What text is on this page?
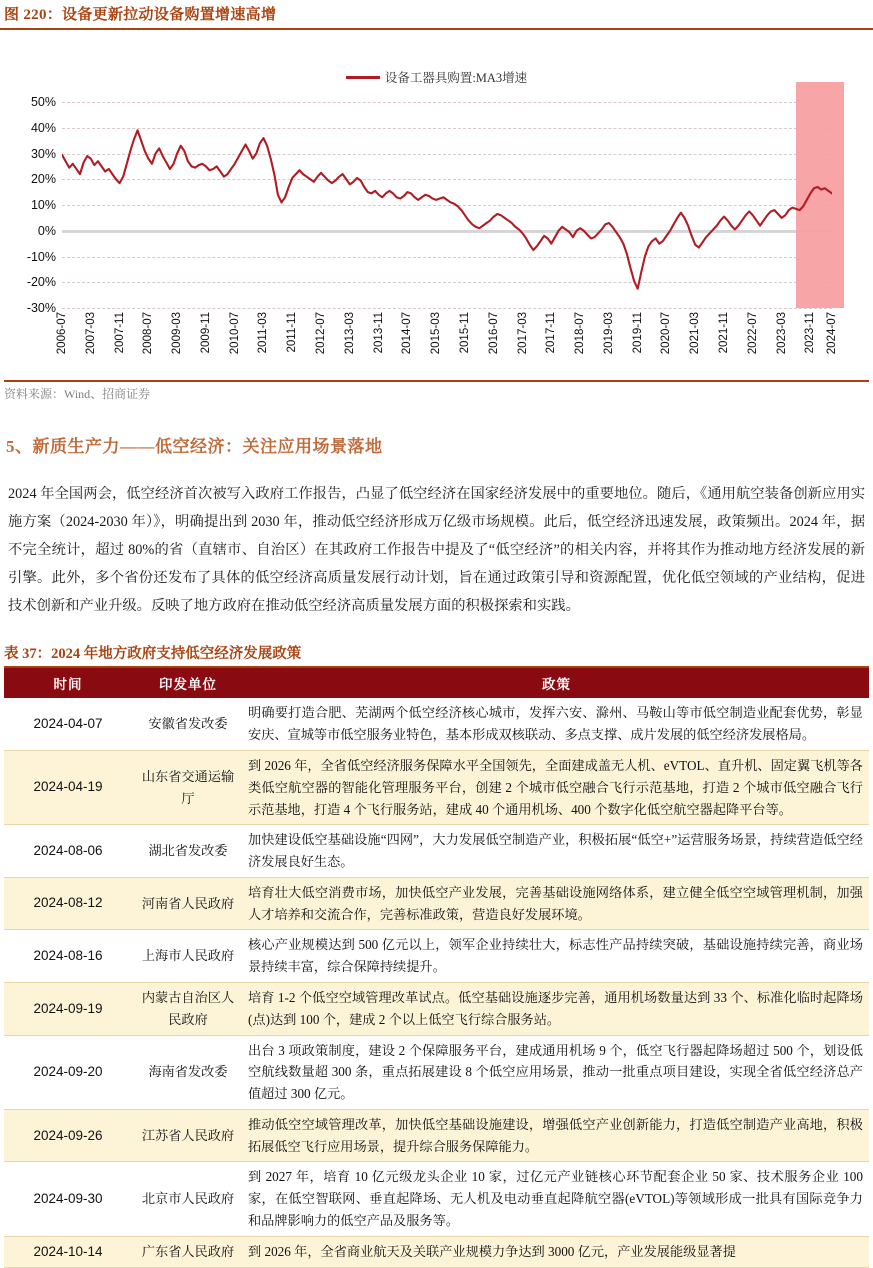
图 220：设备更新拉动设备购置增速高增
设备工器具购置:MA3增速
50%
40%
30%
20%
10%
0%
-10%
-20%
-30%
2006-07 2007-03 2007-11 2008-07 2009-03 2009-11 2010-07 2011-03 2011-11 2012-07 2013-03 2013-11 2014-07 2015-03 2015-11 2016-07 2017-03 2017-11 2018-07 2019-03 2019-11 2020-07 2021-03 2021-11 2022-07 2023-03 2023-11 2024-07
资料来源：Wind、招商证券
5、新质生产力——低空经济：关注应用场景落地
2024 年全国两会，低空经济首次被写入政府工作报告，凸显了低空经济在国家经济发展中的重要地位。随后，《通用航空装备创新应用实施方案（2024-2030 年）》，明确提出到 2030 年，推动低空经济形成万亿级市场规模。此后，低空经济迅速发展，政策频出。2024 年，据不完全统计，超过 80%的省（直辖市、自治区）在其政府工作报告中提及了“低空经济”的相关内容，并将其作为推动地方经济发展的新引擎。此外，多个省份还发布了具体的低空经济高质量发展行动计划，旨在通过政策引导和资源配置，优化低空领域的产业结构，促进技术创新和产业升级。反映了地方政府在推动低空经济高质量发展方面的积极探索和实践。
表 37：2024 年地方政府支持低空经济发展政策
时间	印发单位	政策
2024-04-07	安徽省发改委	明确要打造合肥、芜湖两个低空经济核心城市，发挥六安、滁州、马鞍山等市低空制造业配套优势，彰显安庆、宣城等市低空服务业特色，基本形成双核联动、多点支撑、成片发展的低空经济发展格局。
2024-04-19	山东省交通运输厅	到 2026 年，全省低空经济服务保障水平全国领先，全面建成盖无人机、eVTOL、直升机、固定翼飞机等各类低空航空器的智能化管理服务平台，创建 2 个城市低空融合飞行示范基地，打造 2 个城市低空融合飞行示范基地，打造 4 个飞行服务站，建成 40 个通用机场、400 个数字化低空航空器起降平台等。
2024-08-06	湖北省发改委	加快建设低空基础设施“四网”，大力发展低空制造产业，积极拓展“低空+”运营服务场景，持续营造低空经济发展良好生态。
2024-08-12	河南省人民政府	培育壮大低空消费市场，加快低空产业发展，完善基础设施网络体系，建立健全低空空域管理机制，加强人才培养和交流合作，完善标准政策，营造良好发展环境。
2024-08-16	上海市人民政府	核心产业规模达到 500 亿元以上，领军企业持续壮大，标志性产品持续突破，基础设施持续完善，商业场景持续丰富，综合保障持续提升。
2024-09-19	内蒙古自治区人民政府	培育 1-2 个低空空域管理改革试点。低空基础设施逐步完善，通用机场数量达到 33 个、标准化临时起降场(点)达到 100 个，建成 2 个以上低空飞行综合服务站。
2024-09-20	海南省发改委	出台 3 项政策制度，建设 2 个保障服务平台，建成通用机场 9 个，低空飞行器起降场超过 500 个，划设低空航线数量超 300 条，重点拓展建设 8 个低空应用场景，推动一批重点项目建设，实现全省低空经济总产值超过 300 亿元。
2024-09-26	江苏省人民政府	推动低空空域管理改革，加快低空基础设施建设，增强低空产业创新能力，打造低空制造产业高地，积极拓展低空飞行应用场景，提升综合服务保障能力。
2024-09-30	北京市人民政府	到 2027 年，培育 10 亿元级龙头企业 10 家，过亿元产业链核心环节配套企业 50 家、技术服务企业 100 家，在低空智联网、垂直起降场、无人机及电动垂直起降航空器(eVTOL)等领域形成一批具有国际竞争力和品牌影响力的低空产品及服务等。
2024-10-14	广东省人民政府	到 2026 年，全省商业航天及关联产业规模力争达到 3000 亿元，产业发展能级显著提
